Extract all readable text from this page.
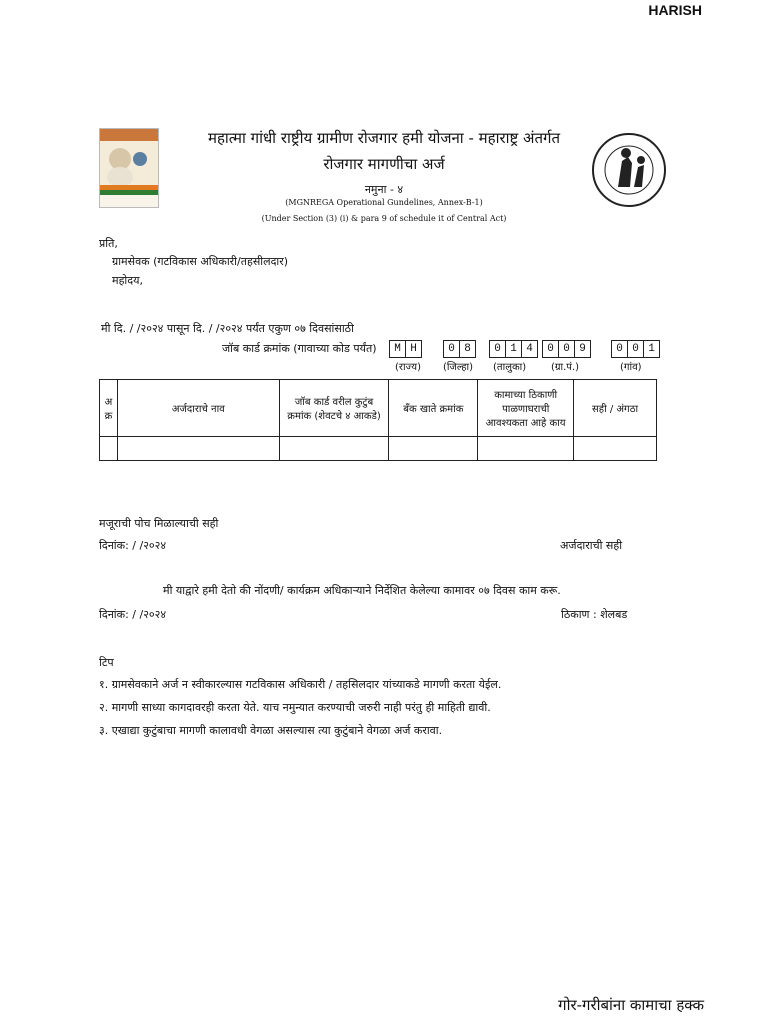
HARISH
महात्मा गांधी राष्ट्रीय ग्रामीण रोजगार हमी योजना - महाराष्ट्र अंतर्गत
रोजगार मागणीचा अर्ज
नमुना - ४
(MGNREGA Operational Gundelines, Annex-B-1)
(Under Section (3) (i) & para 9 of schedule it of Central Act)
प्रति,
ग्रामसेवक (गटविकास अधिकारी/तहसीलदार)
महोदय,
मी दि. / /२०२४ पासून दि. / /२०२४ पर्यंत एकुण ०७ दिवसांसाठी
जॉब कार्ड क्रमांक (गावाच्या कोड पर्यंत)	M H	0 8	0 1 4	0 0 9	0 0 1
(राज्य) (जिल्हा) (तालुका) (ग्रा.पं.)	(गांव)
अ क्र	अर्जदाराचे नाव	जॉब कार्ड वरील कुटुंब क्रमांक (शेवटचे ४ आकडे)	बँक खाते क्रमांक	कामाच्या ठिकाणी पाळणाघराची आवश्यकता आहे काय	सही / अंगठा

मजूराची पोच मिळाल्याची सही
दिनांक: / /२०२४	अर्जदाराची सही
मी याद्वारे हमी देतो की नोंदणी/ कार्यक्रम अधिकाऱ्याने निर्देशित केलेल्या कामावर ०७ दिवस काम करू.
दिनांक: / /२०२४	ठिकाण : शेलबड
टिप
१. ग्रामसेवकाने अर्ज न स्वीकारल्यास गटविकास अधिकारी / तहसिलदार यांच्याकडे मागणी करता येईल.
२. मागणी साध्या कागदावरही करता येते. याच नमुन्यात करण्याची जरुरी नाही परंतु ही माहिती द्यावी.
३. एखाद्या कुटुंबाचा मागणी कालावधी वेगळा असल्यास त्या कुटुंबाने वेगळा अर्ज करावा.
गोर-गरीबांना कामाचा हक्क
